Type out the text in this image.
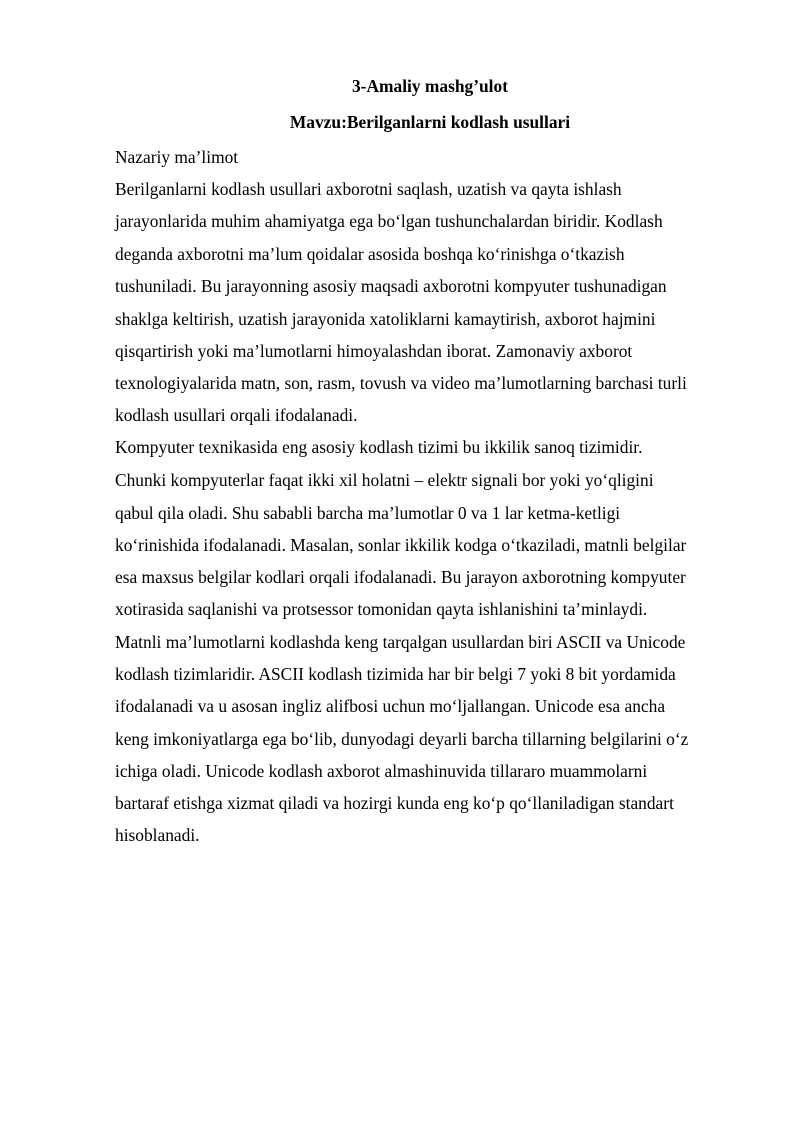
3-Amaliy mashg’ulot
Mavzu:Berilganlarni kodlash usullari
Nazariy ma’limot
Berilganlarni kodlash usullari axborotni saqlash, uzatish va qayta ishlash
jarayonlarida muhim ahamiyatga ega bo‘lgan tushunchalardan biridir. Kodlash
deganda axborotni ma’lum qoidalar asosida boshqa ko‘rinishga o‘tkazish
tushuniladi. Bu jarayonning asosiy maqsadi axborotni kompyuter tushunadigan
shaklga keltirish, uzatish jarayonida xatoliklarni kamaytirish, axborot hajmini
qisqartirish yoki ma’lumotlarni himoyalashdan iborat. Zamonaviy axborot
texnologiyalarida matn, son, rasm, tovush va video ma’lumotlarning barchasi turli
kodlash usullari orqali ifodalanadi.
Kompyuter texnikasida eng asosiy kodlash tizimi bu ikkilik sanoq tizimidir.
Chunki kompyuterlar faqat ikki xil holatni – elektr signali bor yoki yo‘qligini
qabul qila oladi. Shu sababli barcha ma’lumotlar 0 va 1 lar ketma-ketligi
ko‘rinishida ifodalanadi. Masalan, sonlar ikkilik kodga o‘tkaziladi, matnli belgilar
esa maxsus belgilar kodlari orqali ifodalanadi. Bu jarayon axborotning kompyuter
xotirasida saqlanishi va protsessor tomonidan qayta ishlanishini ta’minlaydi.
Matnli ma’lumotlarni kodlashda keng tarqalgan usullardan biri ASCII va Unicode
kodlash tizimlaridir. ASCII kodlash tizimida har bir belgi 7 yoki 8 bit yordamida
ifodalanadi va u asosan ingliz alifbosi uchun mo‘ljallangan. Unicode esa ancha
keng imkoniyatlarga ega bo‘lib, dunyodagi deyarli barcha tillarning belgilarini o‘z
ichiga oladi. Unicode kodlash axborot almashinuvida tillararo muammolarni
bartaraf etishga xizmat qiladi va hozirgi kunda eng ko‘p qo‘llaniladigan standart
hisoblanadi.
